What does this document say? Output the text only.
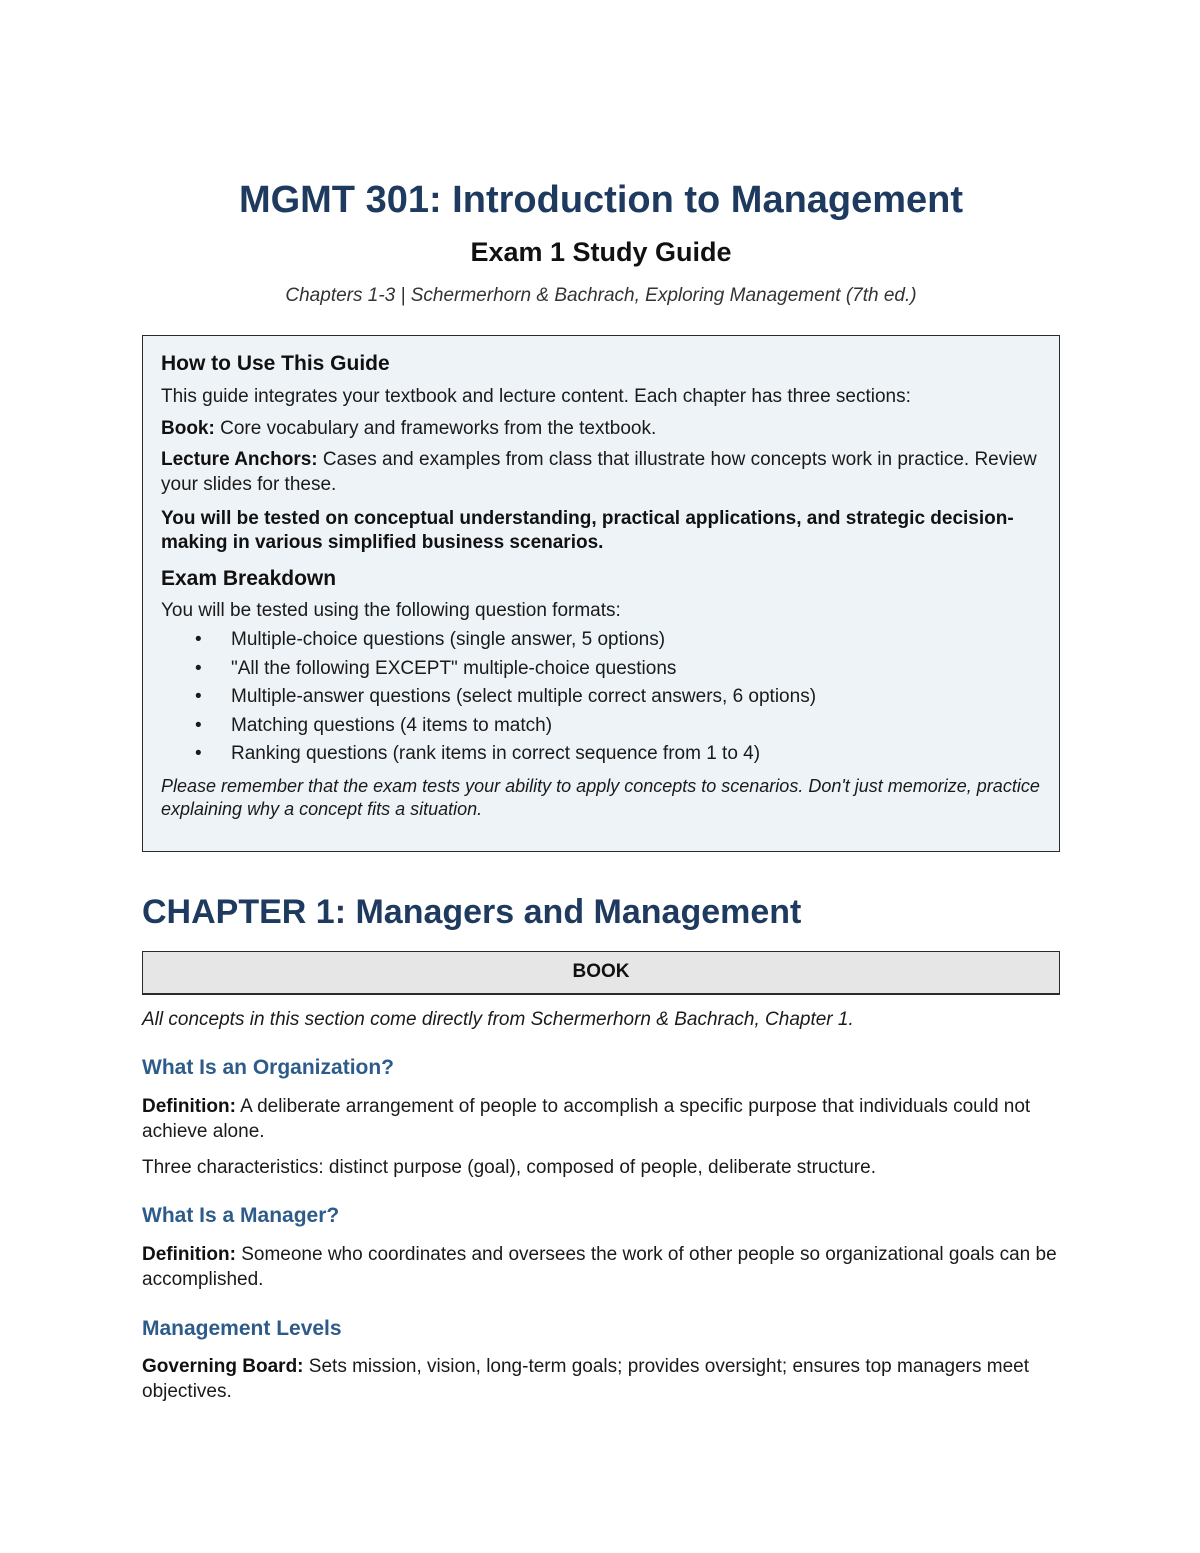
MGMT 301: Introduction to Management
Exam 1 Study Guide

Chapters 1-3 | Schermerhorn & Bachrach, Exploring Management (7th ed.)

How to Use This Guide

This guide integrates your textbook and lecture content. Each chapter has three sections:

Book: Core vocabulary and frameworks from the textbook.

Lecture Anchors: Cases and examples from class that illustrate how concepts work in practice. Review your slides for these.

You will be tested on conceptual understanding, practical applications, and strategic decision-making in various simplified business scenarios.

Exam Breakdown

You will be tested using the following question formats:

• Multiple-choice questions (single answer, 5 options)
• "All the following EXCEPT" multiple-choice questions
• Multiple-answer questions (select multiple correct answers, 6 options)
• Matching questions (4 items to match)
• Ranking questions (rank items in correct sequence from 1 to 4)

Please remember that the exam tests your ability to apply concepts to scenarios. Don't just memorize, practice explaining why a concept fits a situation.

CHAPTER 1: Managers and Management
BOOK

All concepts in this section come directly from Schermerhorn & Bachrach, Chapter 1.

What Is an Organization?

Definition: A deliberate arrangement of people to accomplish a specific purpose that individuals could not achieve alone.

Three characteristics: distinct purpose (goal), composed of people, deliberate structure.

What Is a Manager?

Definition: Someone who coordinates and oversees the work of other people so organizational goals can be accomplished.

Management Levels

Governing Board: Sets mission, vision, long-term goals; provides oversight; ensures top managers meet objectives.
